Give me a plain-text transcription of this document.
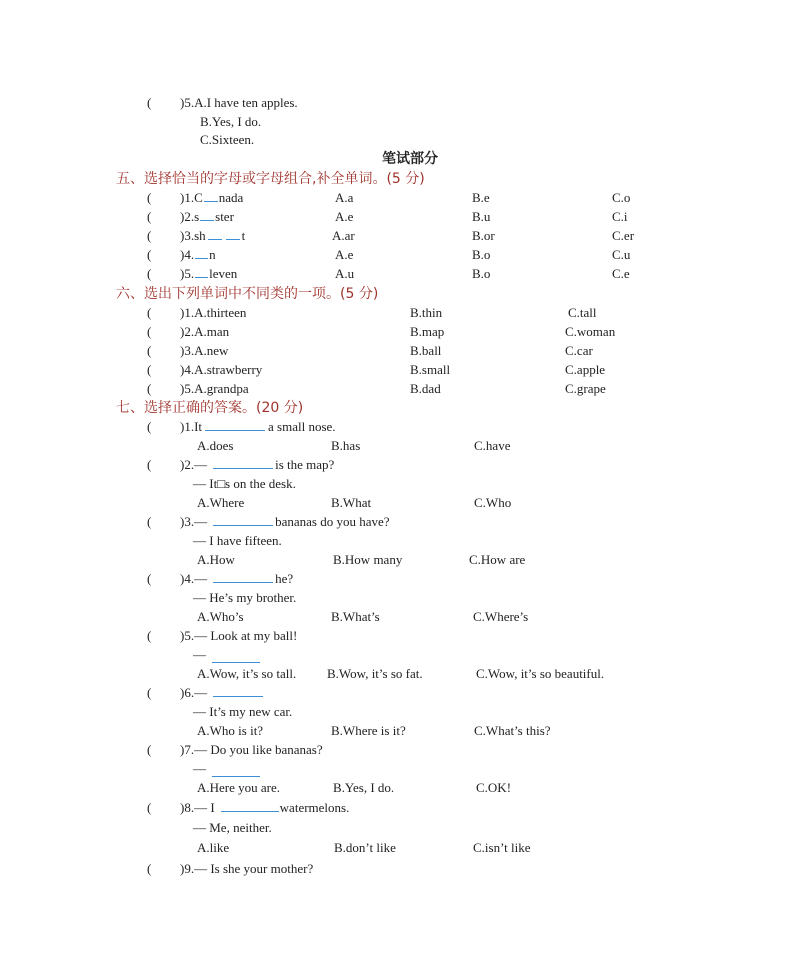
( )5.A.I have ten apples.
B.Yes, I do.
C.Sixteen.
笔试部分
五、选择恰当的字母或字母组合,补全单词。(5 分)
( )1.C nada	A.a	B.e	C.o
( )2.s ster	A.e	B.u	C.i
( )3.sh	t	A.ar	B.or	C.er
( )4. n	A.e	B.o	C.u
( )5. leven	A.u	B.o	C.e
六、选出下列单词中不同类的一项。(5 分)
( )1.A.thirteen	B.thin	C.tall
( )2.A.man	B.map	C.woman
( )3.A.new	B.ball	C.car
( )4.A.strawberry	B.small	C.apple
( )5.A.grandpa	B.dad	C.grape
七、选择正确的答案。(20 分)
( )1.It	a small nose.
A.does	B.has	C.have
( )2.—	is the map?
— It□s on the desk.
A.Where	B.What	C.Who
( )3.—	bananas do you have?
— I have fifteen.
A.How	B.How many	C.How are
( )4.—	he?
— He’s my brother.
A.Who’s	B.What’s	C.Where’s
( )5.— Look at my ball!
—
A.Wow, it’s so tall. B.Wow, it’s so fat.	C.Wow, it’s so beautiful.
( )6.—
— It’s my new car.
A.Who is it?	B.Where is it?	C.What’s this?
( )7.— Do you like bananas?
—
A.Here you are.	B.Yes, I do.	C.OK!
( )8.— I	watermelons.
— Me, neither.
A.like	B.don’t like	C.isn’t like
( )9.— Is she your mother?
